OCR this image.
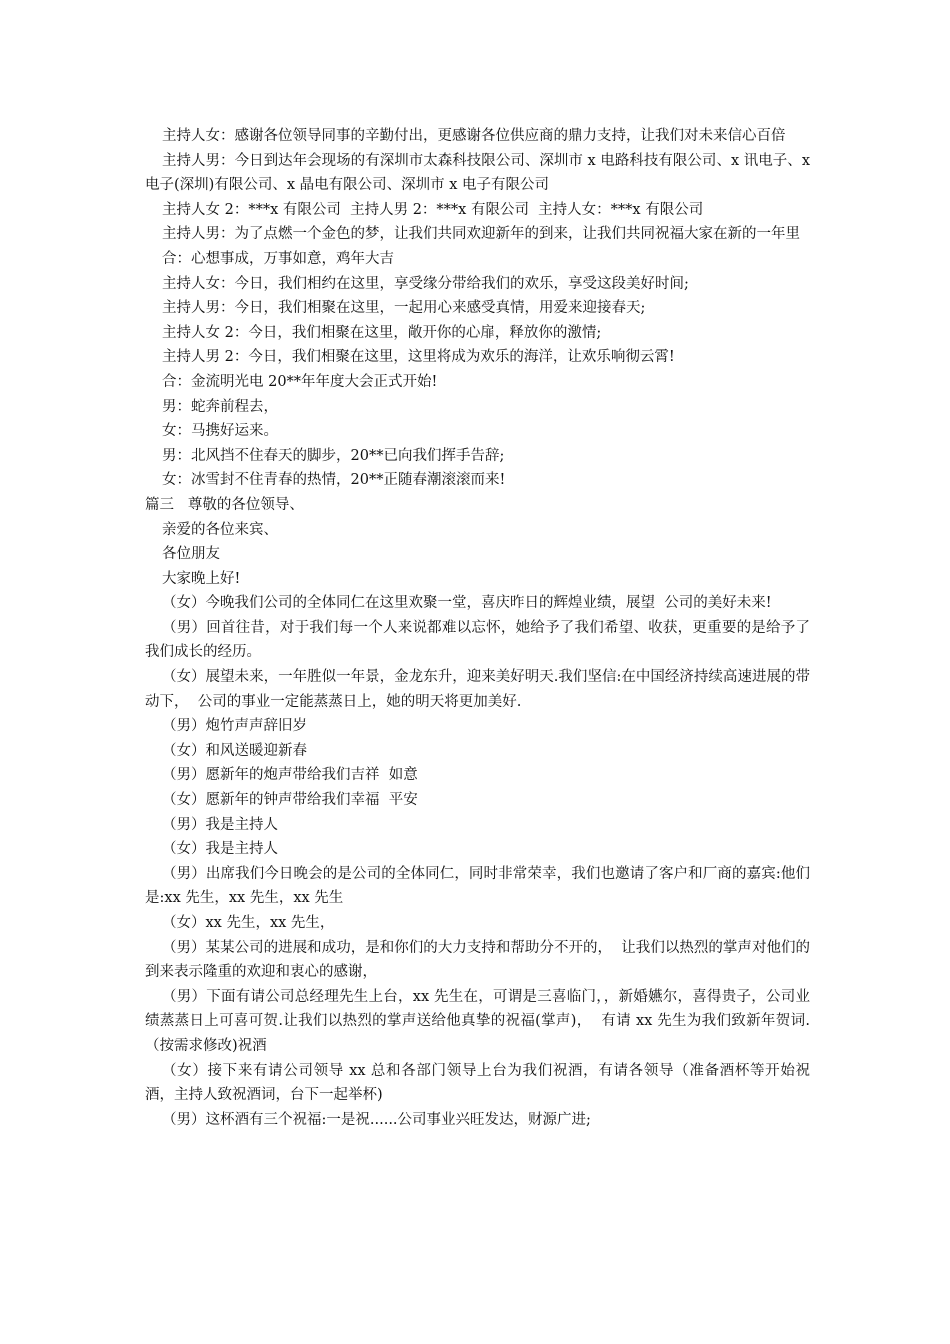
主持人女：感谢各位领导同事的辛勤付出，更感谢各位供应商的鼎力支持，让我们对未来信心百倍

主持人男：今日到达年会现场的有深圳市太森科技限公司、深圳市 x 电路科技有限公司、x 讯电子、x 电子(深圳)有限公司、x 晶电有限公司、深圳市 x 电子有限公司

主持人女 2：***x 有限公司  主持人男 2：***x 有限公司  主持人女：***x 有限公司

主持人男：为了点燃一个金色的梦，让我们共同欢迎新年的到来，让我们共同祝福大家在新的一年里

合：心想事成，万事如意，鸡年大吉

主持人女：今日，我们相约在这里，享受缘分带给我们的欢乐，享受这段美好时间;

主持人男：今日，我们相聚在这里，一起用心来感受真情，用爱来迎接春天;

主持人女 2：今日，我们相聚在这里，敞开你的心扉，释放你的激情;

主持人男 2：今日，我们相聚在这里，这里将成为欢乐的海洋，让欢乐响彻云霄!

合：金流明光电 20**年年度大会正式开始!

男：蛇奔前程去，

女：马携好运来。

男：北风挡不住春天的脚步，20**已向我们挥手告辞;

女：冰雪封不住青春的热情，20**正随春潮滚滚而来!

篇三   尊敬的各位领导、

亲爱的各位来宾、

各位朋友

大家晚上好!

（女）今晚我们公司的全体同仁在这里欢聚一堂，喜庆昨日的辉煌业绩，展望  公司的美好未来!

（男）回首往昔，对于我们每一个人来说都难以忘怀，她给予了我们希望、收获，更重要的是给予了我们成长的经历。

（女）展望未来，一年胜似一年景，金龙东升，迎来美好明天.我们坚信:在中国经济持续高速进展的带动下，  公司的事业一定能蒸蒸日上，她的明天将更加美好.

（男）炮竹声声辞旧岁

（女）和风送暖迎新春

（男）愿新年的炮声带给我们吉祥  如意

（女）愿新年的钟声带给我们幸福  平安

（男）我是主持人

（女）我是主持人

（男）出席我们今日晚会的是公司的全体同仁，同时非常荣幸，我们也邀请了客户和厂商的嘉宾:他们是:xx 先生，xx 先生，xx 先生

（女）xx 先生，xx 先生，

（男）某某公司的进展和成功，是和你们的大力支持和帮助分不开的，  让我们以热烈的掌声对他们的到来表示隆重的欢迎和衷心的感谢，

（男）下面有请公司总经理先生上台，xx 先生在，可谓是三喜临门，，新婚嬿尔，喜得贵子，公司业绩蒸蒸日上可喜可贺.让我们以热烈的掌声送给他真挚的祝福(掌声)，  有请 xx 先生为我们致新年贺词.（按需求修改)祝酒

（女）接下来有请公司领导 xx 总和各部门领导上台为我们祝酒，有请各领导（准备酒杯等开始祝酒，主持人致祝酒词，台下一起举杯)

（男）这杯酒有三个祝福:一是祝......公司事业兴旺发达，财源广进;
